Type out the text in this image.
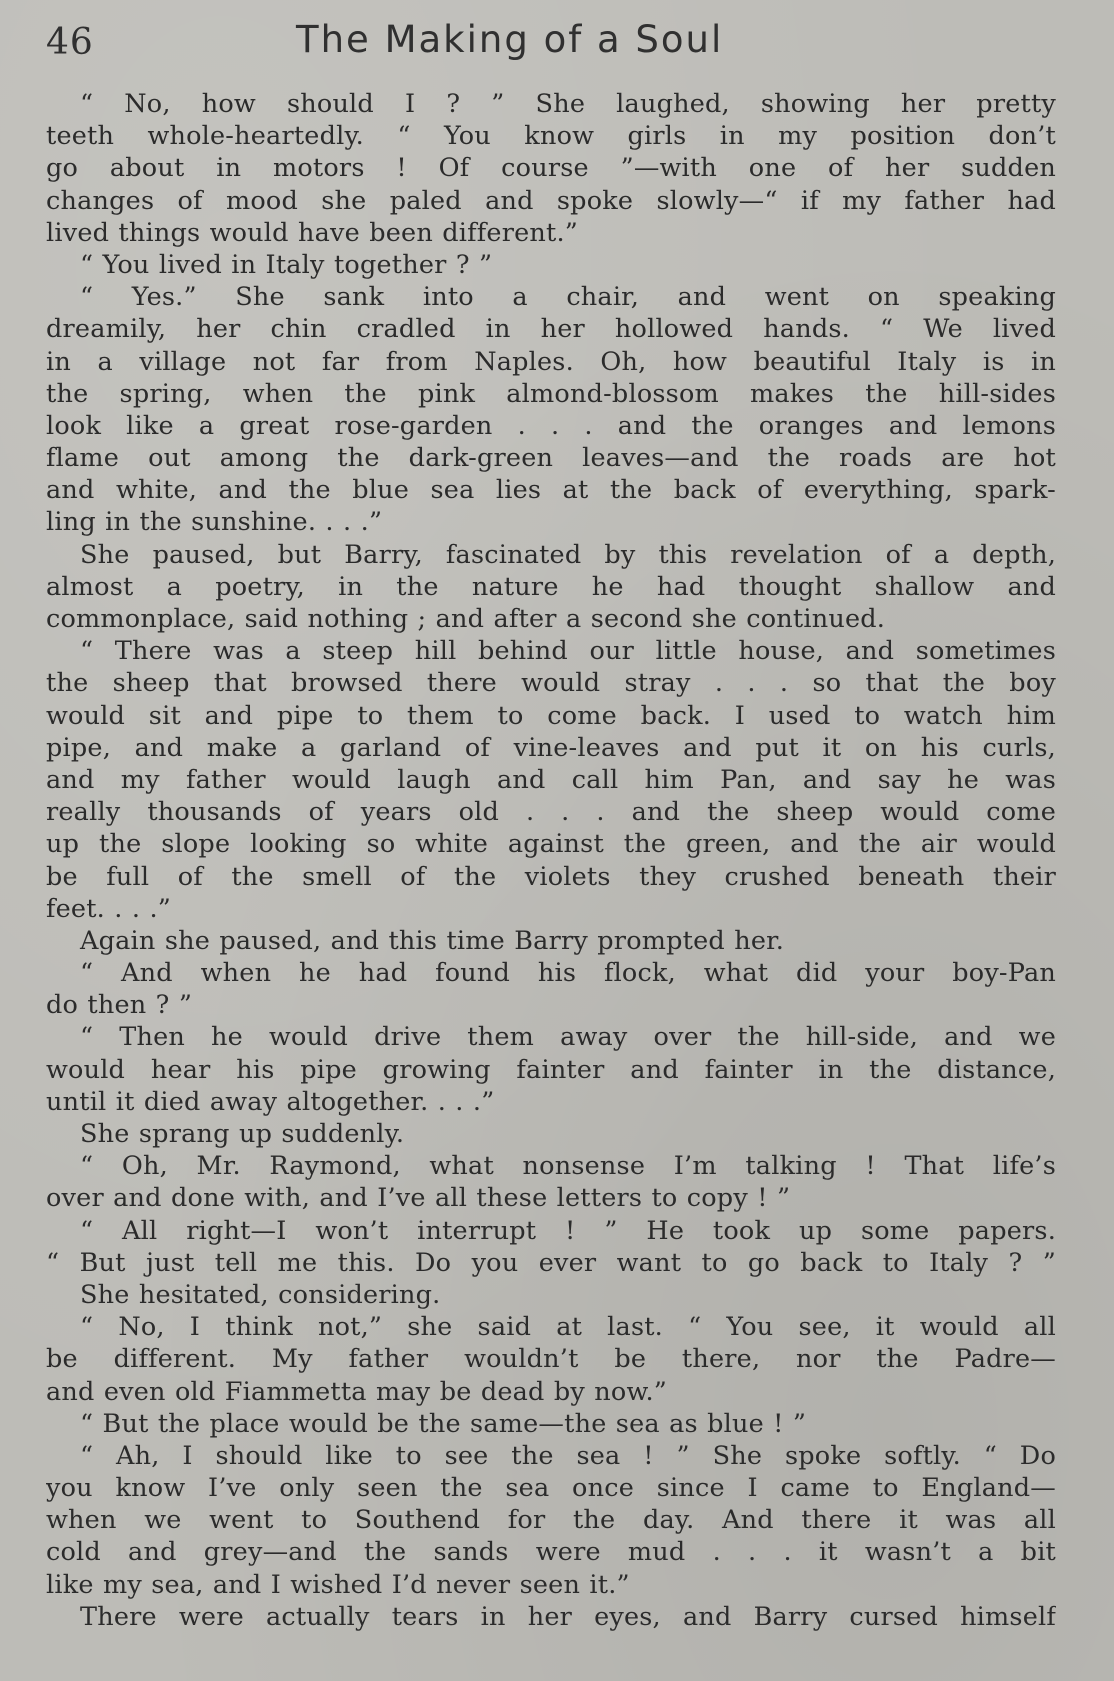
46	The Making of a Soul
“ No, how should I ? ” She laughed, showing her pretty
teeth whole-heartedly. “ You know girls in my position don’t
go about in motors ! Of course ”—with one of her sudden
changes of mood she paled and spoke slowly—“ if my father had
lived things would have been different.”
“ You lived in Italy together ? ”
“ Yes.” She sank into a chair, and went on speaking
dreamily, her chin cradled in her hollowed hands. “ We lived
in a village not far from Naples. Oh, how beautiful Italy is in
the spring, when the pink almond-blossom makes the hill-sides
look like a great rose-garden . . . and the oranges and lemons
flame out among the dark-green leaves—and the roads are hot
and white, and the blue sea lies at the back of everything, spark-
ling in the sunshine. . . .”
She paused, but Barry, fascinated by this revelation of a depth,
almost a poetry, in the nature he had thought shallow and
commonplace, said nothing ; and after a second she continued.
“ There was a steep hill behind our little house, and sometimes
the sheep that browsed there would stray . . . so that the boy
would sit and pipe to them to come back. I used to watch him
pipe, and make a garland of vine-leaves and put it on his curls,
and my father would laugh and call him Pan, and say he was
really thousands of years old . . . and the sheep would come
up the slope looking so white against the green, and the air would
be full of the smell of the violets they crushed beneath their
feet. . . .”
Again she paused, and this time Barry prompted her.
“ And when he had found his flock, what did your boy-Pan
do then ? ”
“ Then he would drive them away over the hill-side, and we
would hear his pipe growing fainter and fainter in the distance,
until it died away altogether. . . .”
She sprang up suddenly.
“ Oh, Mr. Raymond, what nonsense I’m talking ! That life’s
over and done with, and I’ve all these letters to copy ! ”
“ All right—I won’t interrupt ! ” He took up some papers.
“ But just tell me this. Do you ever want to go back to Italy ? ”
She hesitated, considering.
“ No, I think not,” she said at last. “ You see, it would all
be different. My father wouldn’t be there, nor the Padre—
and even old Fiammetta may be dead by now.”
“ But the place would be the same—the sea as blue ! ”
“ Ah, I should like to see the sea ! ” She spoke softly. “ Do
you know I’ve only seen the sea once since I came to England—
when we went to Southend for the day. And there it was all
cold and grey—and the sands were mud . . . it wasn’t a bit
like my sea, and I wished I’d never seen it.”
There were actually tears in her eyes, and Barry cursed himself
